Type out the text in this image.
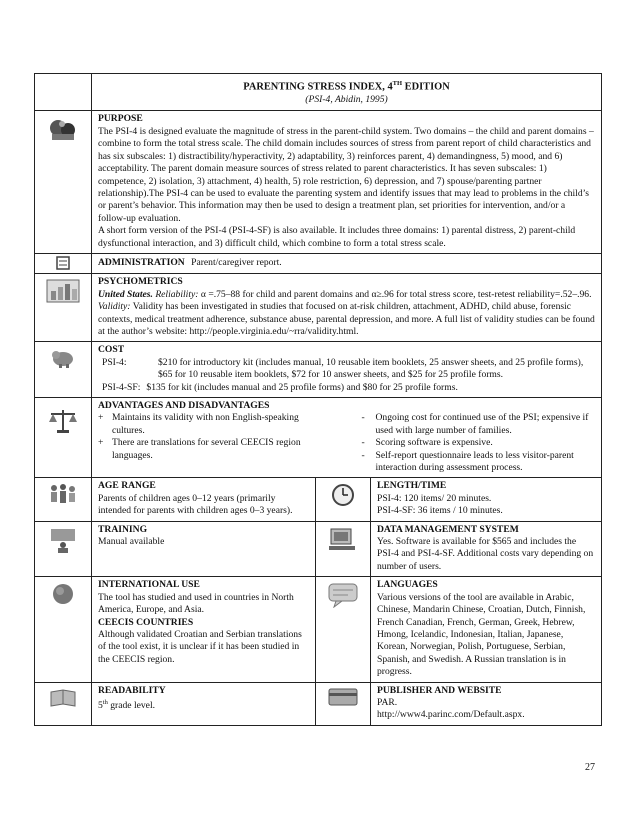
PARENTING STRESS INDEX, 4TH EDITION
(PSI-4, Abidin, 1995)
PURPOSE

The PSI-4 is designed evaluate the magnitude of stress in the parent-child system. Two domains – the child and parent domains – combine to form the total stress scale. The child domain includes sources of stress from parent report of child characteristics and has six subscales: 1) distractibility/hyperactivity, 2) adaptability, 3) reinforces parent, 4) demandingness, 5) mood, and 6) acceptability. The parent domain measure sources of stress related to parent characteristics. It has seven subscales: 1) competence, 2) isolation, 3) attachment, 4) health, 5) role restriction, 6) depression, and 7) spouse/parenting partner relationship).The PSI-4 can be used to evaluate the parenting system and identify issues that may lead to problems in the child’s or parent’s behavior. This information may then be used to design a treatment plan, set priorities for intervention, and/or a follow-up evaluation.

A short form version of the PSI-4 (PSI-4-SF) is also available. It includes three domains: 1) parental distress, 2) parent-child dysfunctional interaction, and 3) difficult child, which combine to form a total stress scale.

ADMINISTRATION Parent/caregiver report.
PSYCHOMETRICS

United States. Reliability: α =.75–88 for child and parent domains and α≥.96 for total stress score, test-retest reliability=.52–.96.

Validity: Validity has been investigated in studies that focused on at-risk children, attachment, ADHD, child abuse, forensic contexts, medical treatment adherence, substance abuse, parental depression, and more. A full list of validity studies can be found at the author’s website: http://people.virginia.edu/~rra/validity.html.

COST
PSI-4:	$210 for introductory kit (includes manual, 10 reusable item booklets, 25 answer sheets, and 25 profile forms), $65 for 10 reusable item booklets, $72 for 10 answer sheets, and $25 for 25 profile forms.
PSI-4-SF: $135 for kit (includes manual and 25 profile forms) and $80 for 25 profile forms.
ADVANTAGES AND DISADVANTAGES
+ Maintains its validity with non English-speaking cultures.
+ There are translations for several CEECIS region languages.
-	Ongoing cost for continued use of the PSI; expensive if used with large number of families.
-	Scoring software is expensive.
-	Self-report questionnaire leads to less visitor-parent interaction during assessment process.
AGE RANGE

Parents of children ages 0–12 years (primarily intended for parents with children ages 0–3 years).

LENGTH/TIME

PSI-4: 120 items/ 20 minutes.

PSI-4-SF: 36 items / 10 minutes.

TRAINING

Manual available

DATA MANAGEMENT SYSTEM

Yes. Software is available for $565 and includes the PSI-4 and PSI-4-SF. Additional costs vary depending on number of users.

INTERNATIONAL USE

The tool has studied and used in countries in North America, Europe, and Asia.

CEECIS COUNTRIES

Although validated Croatian and Serbian translations of the tool exist, it is unclear if it has been studied in the CEECIS region.

LANGUAGES

Various versions of the tool are available in Arabic, Chinese, Mandarin Chinese, Croatian, Dutch, Finnish, French Canadian, French, German, Greek, Hebrew, Hmong, Icelandic, Indonesian, Italian, Japanese, Korean, Norwegian, Polish, Portuguese, Serbian, Spanish, and Swedish. A Russian translation is in progress.

READABILITY

5th grade level.

PUBLISHER AND WEBSITE

PAR.

http://www4.parinc.com/Default.aspx.

27
